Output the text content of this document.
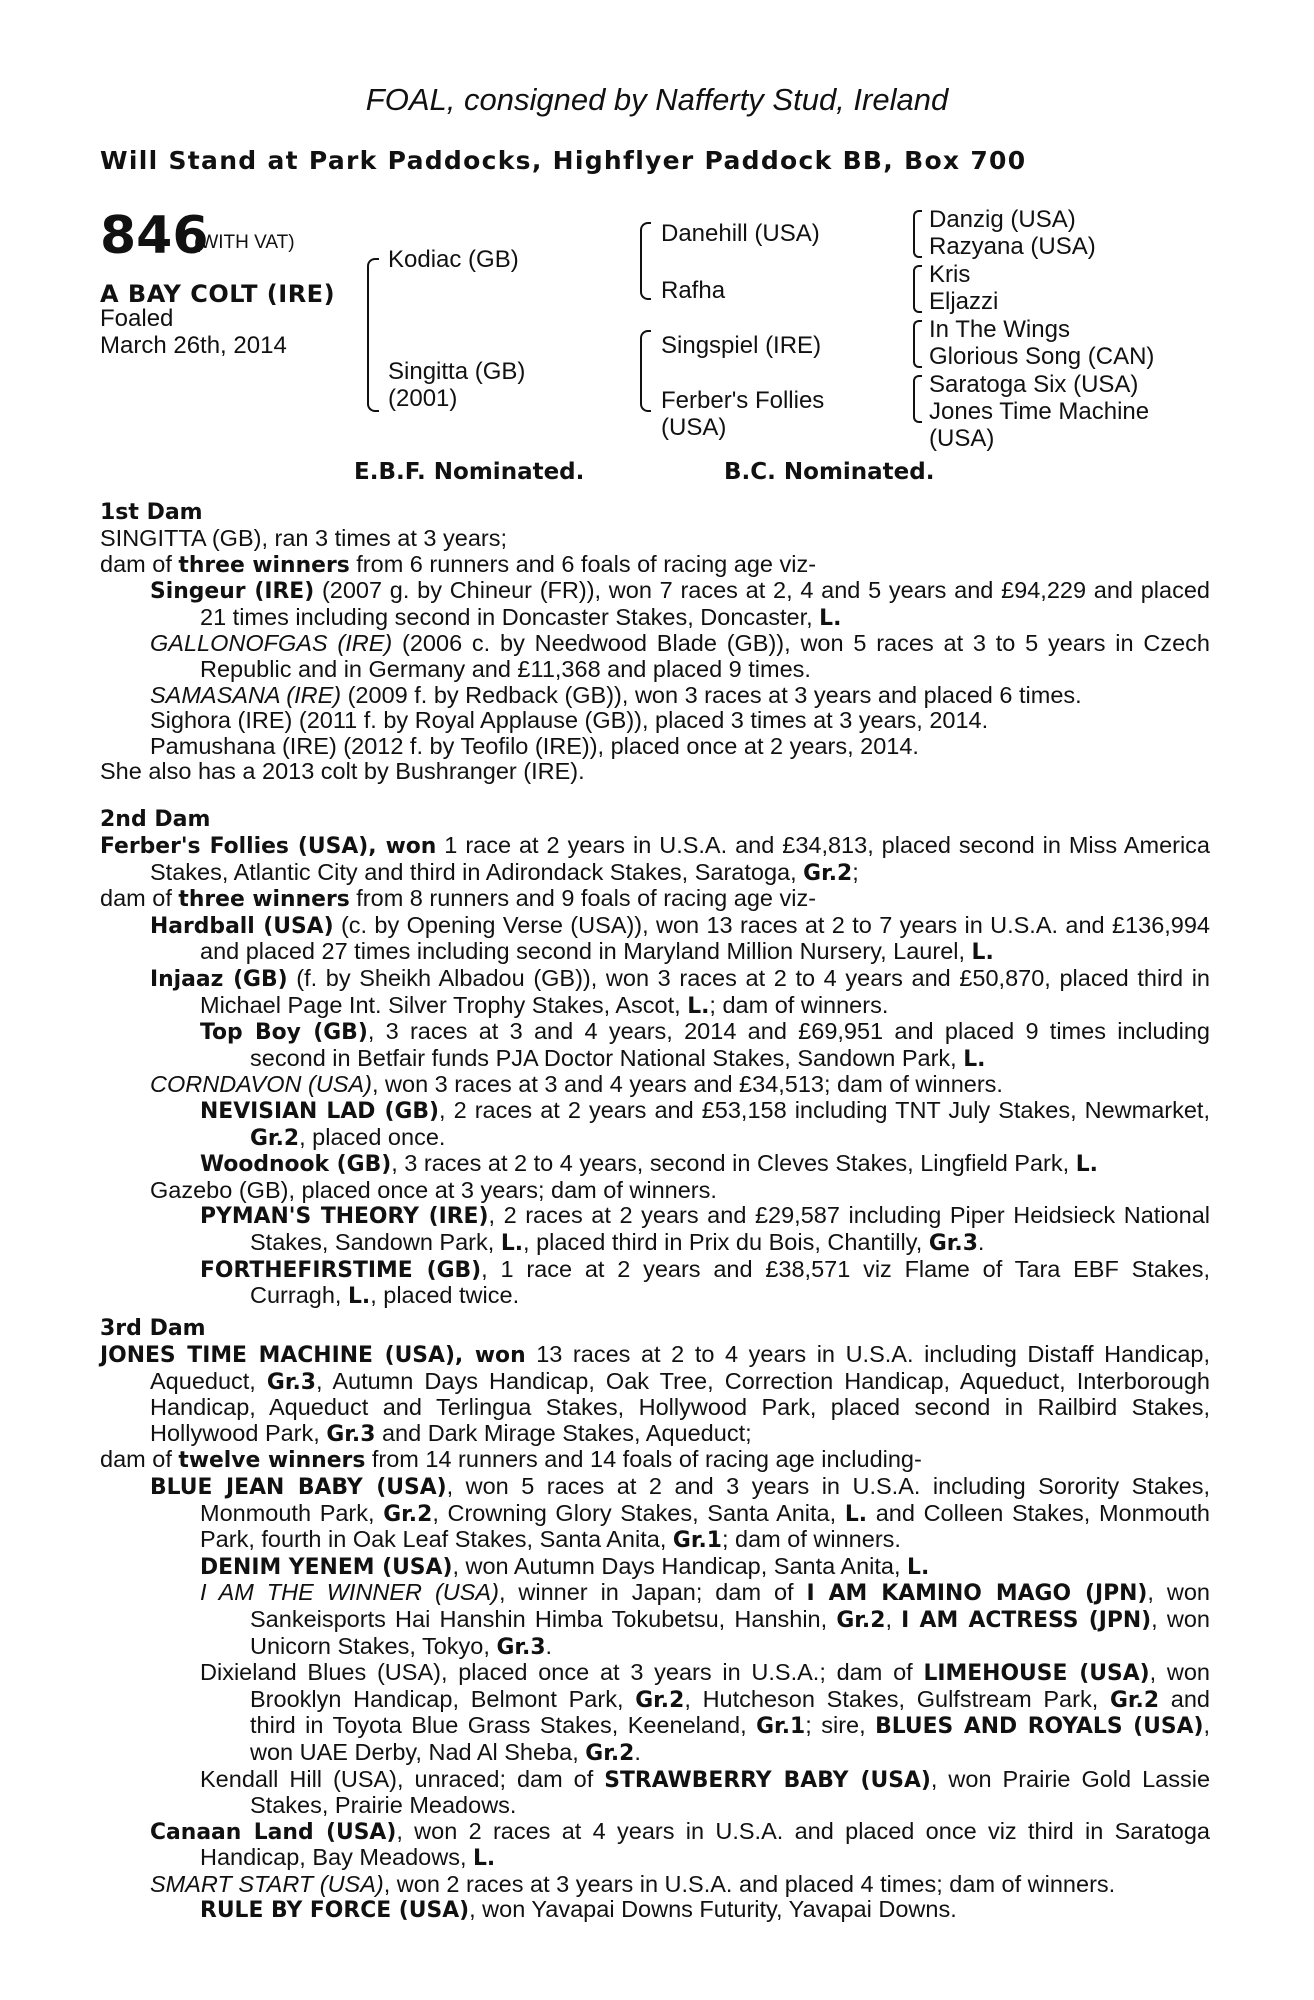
FOAL, consigned by Nafferty Stud, Ireland
Will Stand at Park Paddocks, Highflyer Paddock BB, Box 700
846
(WITH VAT)
A BAY COLT (IRE)
Foaled
March 26th, 2014
Kodiac (GB)
Singitta (GB)
(2001)
Danehill (USA)
Rafha
Singspiel (IRE)
Ferber's Follies
(USA)
Danzig (USA)
Razyana (USA)
Kris
Eljazzi
In The Wings
Glorious Song (CAN)
Saratoga Six (USA)
Jones Time Machine
(USA)
E.B.F. Nominated.	B.C. Nominated.

1st Dam

SINGITTA (GB), ran 3 times at 3 years;

dam of three winners from 6 runners and 6 foals of racing age viz-

Singeur (IRE) (2007 g. by Chineur (FR)), won 7 races at 2, 4 and 5 years and £94,229 and placed 21 times including second in Doncaster Stakes, Doncaster, L.

GALLONOFGAS (IRE) (2006 c. by Needwood Blade (GB)), won 5 races at 3 to 5 years in Czech Republic and in Germany and £11,368 and placed 9 times.

SAMASANA (IRE) (2009 f. by Redback (GB)), won 3 races at 3 years and placed 6 times.

Sighora (IRE) (2011 f. by Royal Applause (GB)), placed 3 times at 3 years, 2014.

Pamushana (IRE) (2012 f. by Teofilo (IRE)), placed once at 2 years, 2014.

She also has a 2013 colt by Bushranger (IRE).

2nd Dam

Ferber's Follies (USA), won 1 race at 2 years in U.S.A. and £34,813, placed second in Miss America Stakes, Atlantic City and third in Adirondack Stakes, Saratoga, Gr.2;

dam of three winners from 8 runners and 9 foals of racing age viz-

Hardball (USA) (c. by Opening Verse (USA)), won 13 races at 2 to 7 years in U.S.A. and £136,994 and placed 27 times including second in Maryland Million Nursery, Laurel, L.

Injaaz (GB) (f. by Sheikh Albadou (GB)), won 3 races at 2 to 4 years and £50,870, placed third in Michael Page Int. Silver Trophy Stakes, Ascot, L.; dam of winners.

Top Boy (GB), 3 races at 3 and 4 years, 2014 and £69,951 and placed 9 times including second in Betfair funds PJA Doctor National Stakes, Sandown Park, L.

CORNDAVON (USA), won 3 races at 3 and 4 years and £34,513; dam of winners.

NEVISIAN LAD (GB), 2 races at 2 years and £53,158 including TNT July Stakes, Newmarket, Gr.2, placed once.

Woodnook (GB), 3 races at 2 to 4 years, second in Cleves Stakes, Lingfield Park, L.

Gazebo (GB), placed once at 3 years; dam of winners.

PYMAN'S THEORY (IRE), 2 races at 2 years and £29,587 including Piper Heidsieck National Stakes, Sandown Park, L., placed third in Prix du Bois, Chantilly, Gr.3.

FORTHEFIRSTIME (GB), 1 race at 2 years and £38,571 viz Flame of Tara EBF Stakes, Curragh, L., placed twice.

3rd Dam

JONES TIME MACHINE (USA), won 13 races at 2 to 4 years in U.S.A. including Distaff Handicap, Aqueduct, Gr.3, Autumn Days Handicap, Oak Tree, Correction Handicap, Aqueduct, Interborough Handicap, Aqueduct and Terlingua Stakes, Hollywood Park, placed second in Railbird Stakes, Hollywood Park, Gr.3 and Dark Mirage Stakes, Aqueduct;

dam of twelve winners from 14 runners and 14 foals of racing age including-

BLUE JEAN BABY (USA), won 5 races at 2 and 3 years in U.S.A. including Sorority Stakes, Monmouth Park, Gr.2, Crowning Glory Stakes, Santa Anita, L. and Colleen Stakes, Monmouth Park, fourth in Oak Leaf Stakes, Santa Anita, Gr.1; dam of winners.

DENIM YENEM (USA), won Autumn Days Handicap, Santa Anita, L.

I AM THE WINNER (USA), winner in Japan; dam of I AM KAMINO MAGO (JPN), won Sankeisports Hai Hanshin Himba Tokubetsu, Hanshin, Gr.2, I AM ACTRESS (JPN), won Unicorn Stakes, Tokyo, Gr.3.

Dixieland Blues (USA), placed once at 3 years in U.S.A.; dam of LIMEHOUSE (USA), won Brooklyn Handicap, Belmont Park, Gr.2, Hutcheson Stakes, Gulfstream Park, Gr.2 and third in Toyota Blue Grass Stakes, Keeneland, Gr.1; sire, BLUES AND ROYALS (USA), won UAE Derby, Nad Al Sheba, Gr.2.

Kendall Hill (USA), unraced; dam of STRAWBERRY BABY (USA), won Prairie Gold Lassie Stakes, Prairie Meadows.

Canaan Land (USA), won 2 races at 4 years in U.S.A. and placed once viz third in Saratoga Handicap, Bay Meadows, L.

SMART START (USA), won 2 races at 3 years in U.S.A. and placed 4 times; dam of winners.

RULE BY FORCE (USA), won Yavapai Downs Futurity, Yavapai Downs.
